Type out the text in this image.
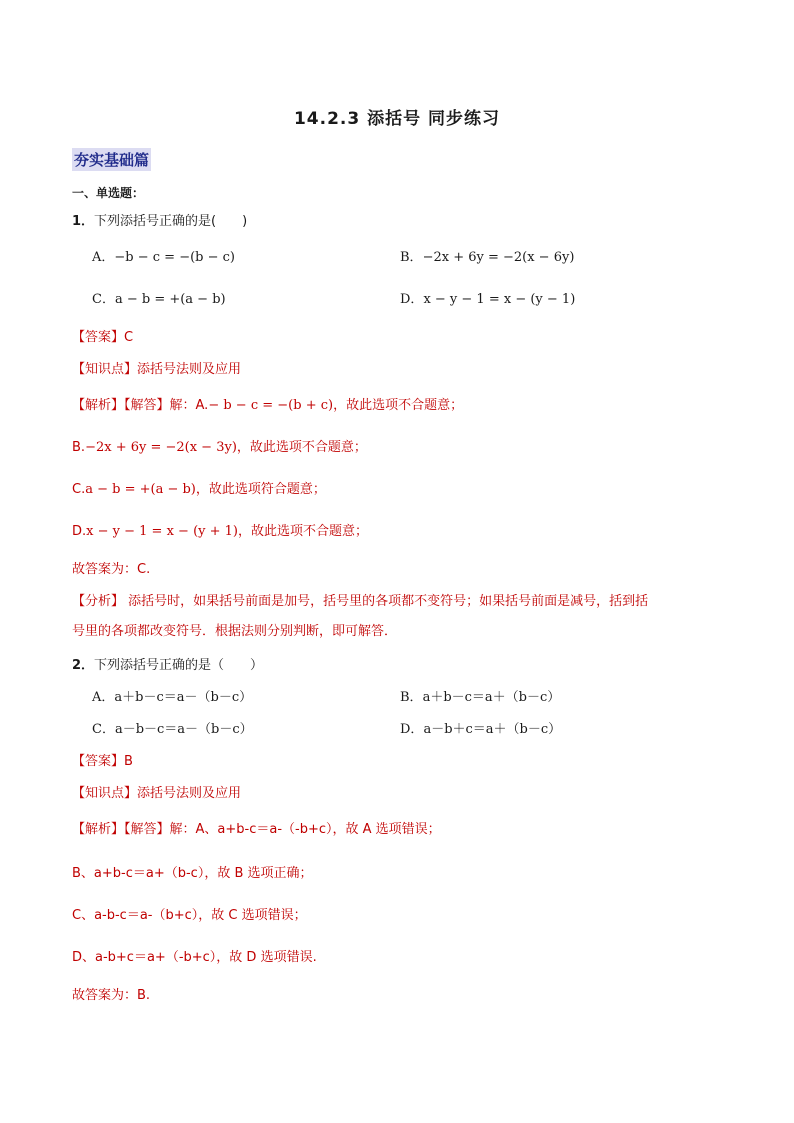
14.2.3 添括号 同步练习
夯实基础篇
一、单选题：
1．下列添括号正确的是(　　)
A．−b − c = −(b − c)	B．−2x + 6y = −2(x − 6y)
C．a − b = +(a − b)	D．x − y − 1 = x − (y − 1)
【答案】C
【知识点】添括号法则及应用
【解析】【解答】解：A.− b − c = −(b + c)，故此选项不合题意；
B.−2x + 6y = −2(x − 3y)，故此选项不合题意；
C.a − b = +(a − b)，故此选项符合题意；
D.x − y − 1 = x − (y + 1)，故此选项不合题意；
故答案为：C.
【分析】 添括号时，如果括号前面是加号，括号里的各项都不变符号；如果括号前面是减号，括到括
号里的各项都改变符号．根据法则分别判断，即可解答．
2．下列添括号正确的是（　　）
A．a＋b－c＝a－（b－c）	B．a＋b－c＝a＋（b－c）
C．a－b－c＝a－（b－c）	D．a－b＋c＝a＋（b－c）
【答案】B
【知识点】添括号法则及应用
【解析】【解答】解：A、a+b-c＝a-（-b+c），故 A 选项错误；
B、a+b-c＝a+（b-c），故 B 选项正确；
C、a-b-c＝a-（b+c），故 C 选项错误；
D、a-b+c＝a+（-b+c），故 D 选项错误.
故答案为：B.
